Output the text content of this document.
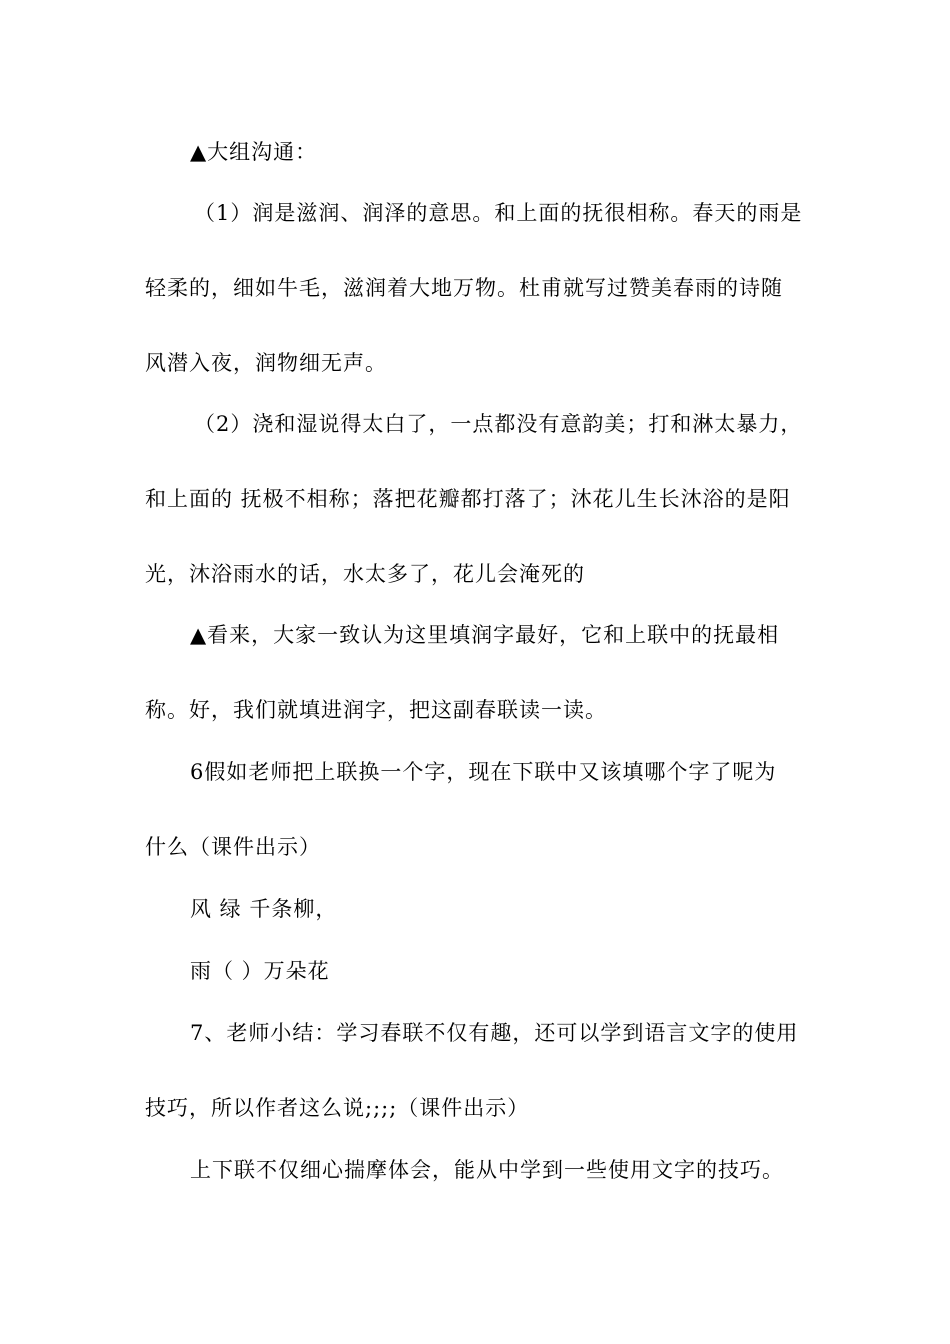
▲大组沟通：
（1）润是滋润、润泽的意思。和上面的抚很相称。春天的雨是
轻柔的，细如牛毛，滋润着大地万物。杜甫就写过赞美春雨的诗随
风潜入夜，润物细无声。
（2）浇和湿说得太白了，一点都没有意韵美；打和淋太暴力，
和上面的 抚极不相称；落把花瓣都打落了；沐花儿生长沐浴的是阳
光，沐浴雨水的话，水太多了，花儿会淹死的
▲看来，大家一致认为这里填润字最好，它和上联中的抚最相
称。好，我们就填进润字，把这副春联读一读。
6假如老师把上联换一个字，现在下联中又该填哪个字了呢为
什么（课件出示）
风 绿 千条柳，
雨（ ）万朵花
7、老师小结：学习春联不仅有趣，还可以学到语言文字的使用
技巧，所以作者这么说;;;;（课件出示）
上下联不仅细心揣摩体会，能从中学到一些使用文字的技巧。
